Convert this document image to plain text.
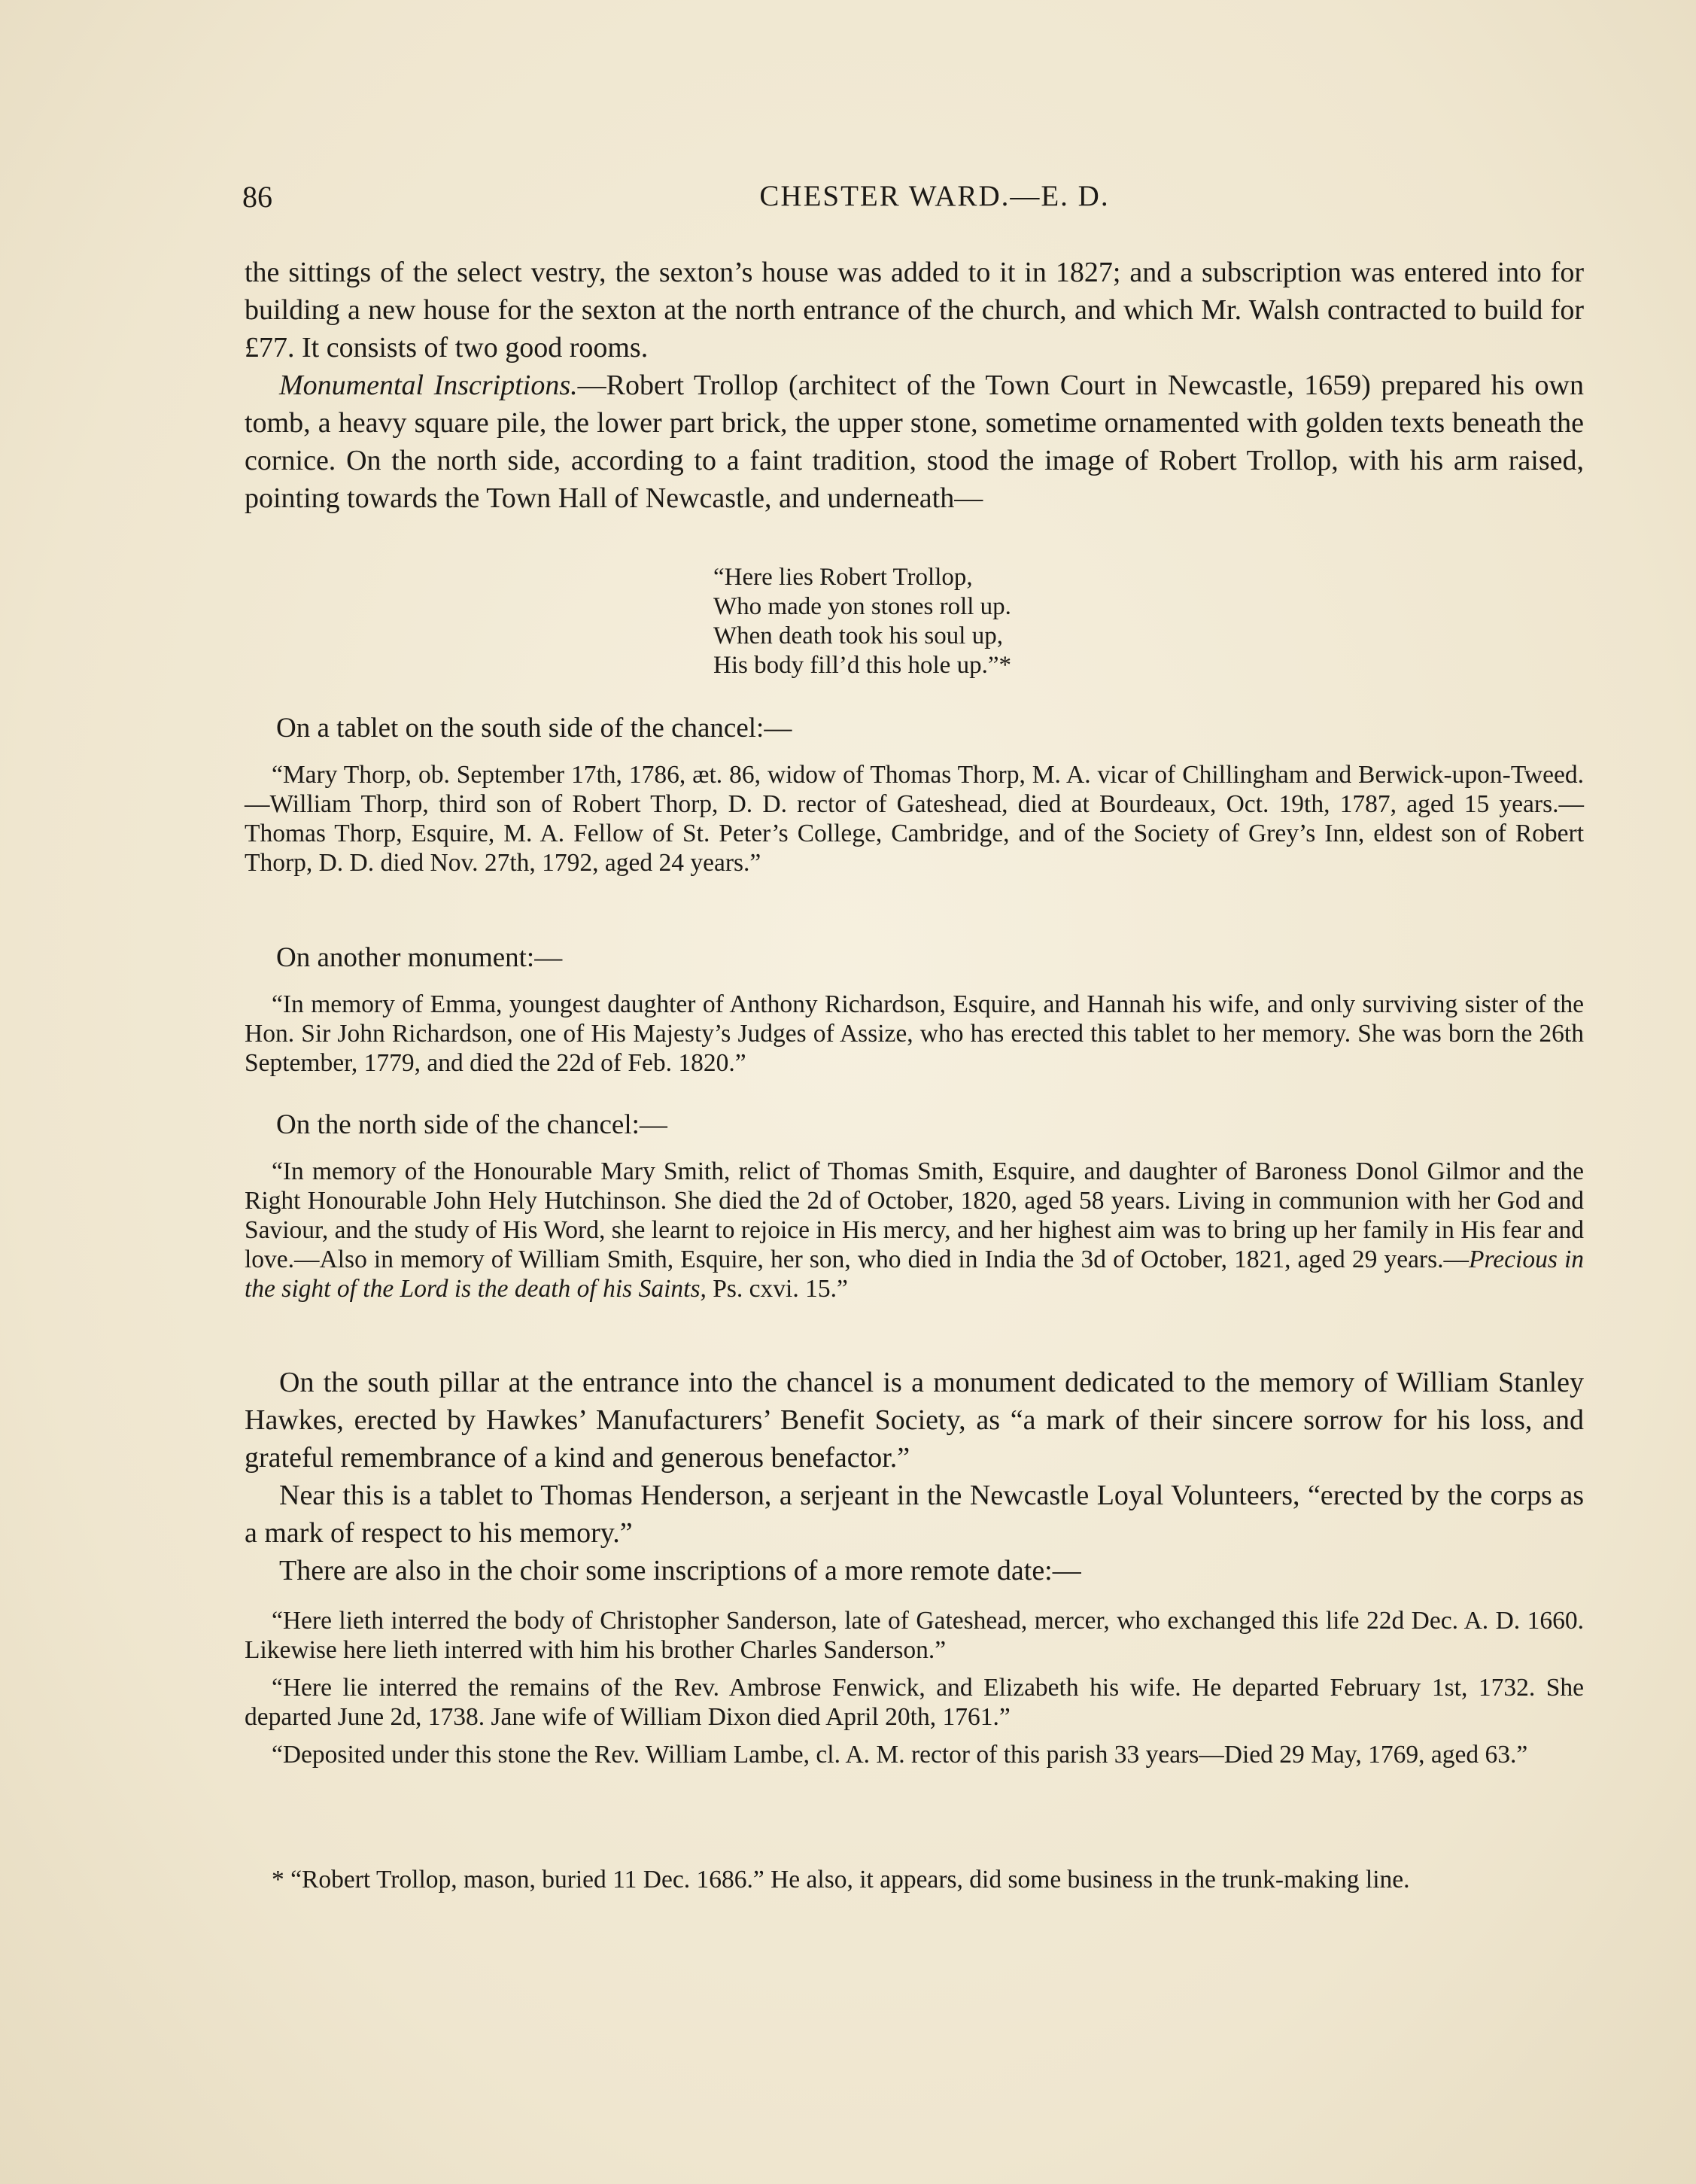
86	CHESTER WARD.—E. D.

the sittings of the select vestry, the sexton’s house was added to it in 1827; and a subscription was entered into for building a new house for the sexton at the north entrance of the church, and which Mr. Walsh contracted to build for £77. It consists of two good rooms.

Monumental Inscriptions.—Robert Trollop (architect of the Town Court in Newcastle, 1659) prepared his own tomb, a heavy square pile, the lower part brick, the upper stone, sometime ornamented with golden texts beneath the cornice. On the north side, according to a faint tradition, stood the image of Robert Trollop, with his arm raised, pointing towards the Town Hall of Newcastle, and underneath—

“Here lies Robert Trollop,
Who made yon stones roll up.
When death took his soul up,
His body fill’d this hole up.”*
On a tablet on the south side of the chancel:—

“Mary Thorp, ob. September 17th, 1786, æt. 86, widow of Thomas Thorp, M. A. vicar of Chillingham and Berwick-upon-Tweed.—William Thorp, third son of Robert Thorp, D. D. rector of Gateshead, died at Bourdeaux, Oct. 19th, 1787, aged 15 years.—Thomas Thorp, Esquire, M. A. Fellow of St. Peter’s College, Cambridge, and of the Society of Grey’s Inn, eldest son of Robert Thorp, D. D. died Nov. 27th, 1792, aged 24 years.”

On another monument:—

“In memory of Emma, youngest daughter of Anthony Richardson, Esquire, and Hannah his wife, and only surviving sister of the Hon. Sir John Richardson, one of His Majesty’s Judges of Assize, who has erected this tablet to her memory. She was born the 26th September, 1779, and died the 22d of Feb. 1820.”

On the north side of the chancel:—

“In memory of the Honourable Mary Smith, relict of Thomas Smith, Esquire, and daughter of Baroness Donol Gilmor and the Right Honourable John Hely Hutchinson. She died the 2d of October, 1820, aged 58 years. Living in communion with her God and Saviour, and the study of His Word, she learnt to rejoice in His mercy, and her highest aim was to bring up her family in His fear and love.—Also in memory of William Smith, Esquire, her son, who died in India the 3d of October, 1821, aged 29 years.—Precious in the sight of the Lord is the death of his Saints, Ps. cxvi. 15.”

On the south pillar at the entrance into the chancel is a monument dedicated to the memory of William Stanley Hawkes, erected by Hawkes’ Manufacturers’ Benefit Society, as “a mark of their sincere sorrow for his loss, and grateful remembrance of a kind and generous benefactor.”

Near this is a tablet to Thomas Henderson, a serjeant in the Newcastle Loyal Volunteers, “erected by the corps as a mark of respect to his memory.”

There are also in the choir some inscriptions of a more remote date:—

“Here lieth interred the body of Christopher Sanderson, late of Gateshead, mercer, who exchanged this life 22d Dec. A. D. 1660. Likewise here lieth interred with him his brother Charles Sanderson.”

“Here lie interred the remains of the Rev. Ambrose Fenwick, and Elizabeth his wife. He departed February 1st, 1732. She departed June 2d, 1738. Jane wife of William Dixon died April 20th, 1761.”

“Deposited under this stone the Rev. William Lambe, cl. A. M. rector of this parish 33 years—Died 29 May, 1769, aged 63.”

* “Robert Trollop, mason, buried 11 Dec. 1686.” He also, it appears, did some business in the trunk-making line.
